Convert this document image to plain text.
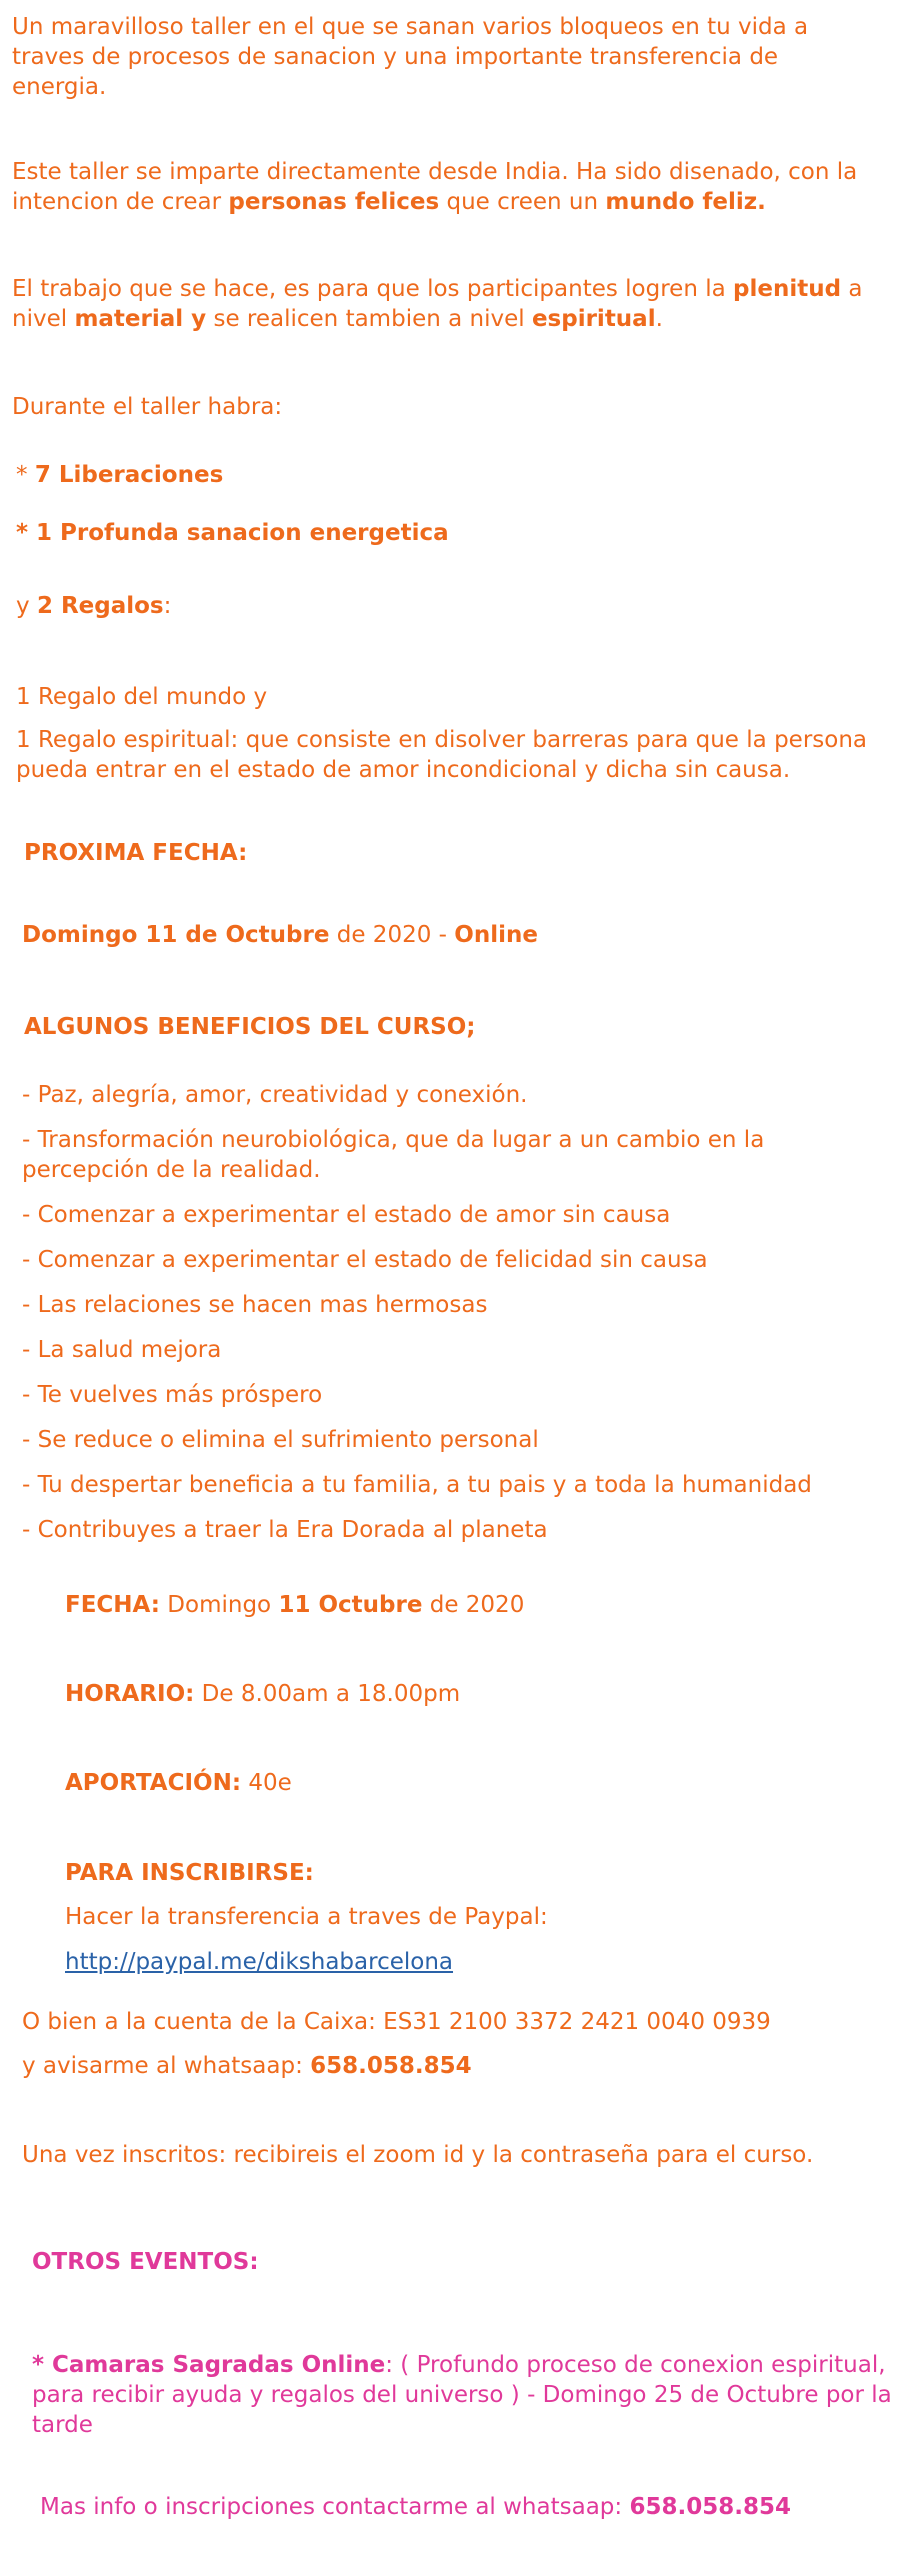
Un maravilloso taller en el que se sanan varios bloqueos en tu vida a traves de procesos de sanacion y una importante transferencia de energia.

Este taller se imparte directamente desde India. Ha sido disenado, con la intencion de crear personas felices que creen un mundo feliz.

El trabajo que se hace, es para que los participantes logren la plenitud a nivel material y se realicen tambien a nivel espiritual.

Durante el taller habra:

* 7 Liberaciones

* 1 Profunda sanacion energetica

y 2 Regalos:

1 Regalo del mundo y

1 Regalo espiritual: que consiste en disolver barreras para que la persona pueda entrar en el estado de amor incondicional y dicha sin causa.

PROXIMA FECHA:

Domingo 11 de Octubre de 2020 - Online

ALGUNOS BENEFICIOS DEL CURSO;

- Paz, alegría, amor, creatividad y conexión.
- Transformación neurobiológica, que da lugar a un cambio en la percepción de la realidad.
- Comenzar a experimentar el estado de amor sin causa
- Comenzar a experimentar el estado de felicidad sin causa
- Las relaciones se hacen mas hermosas
- La salud mejora
- Te vuelves más próspero
- Se reduce o elimina el sufrimiento personal
- Tu despertar beneficia a tu familia, a tu pais y a toda la humanidad
- Contribuyes a traer la Era Dorada al planeta

FECHA: Domingo 11 Octubre de 2020

HORARIO: De 8.00am a 18.00pm

APORTACIÓN: 40e

PARA INSCRIBIRSE:

Hacer la transferencia a traves de Paypal:

http://paypal.me/dikshabarcelona

O bien a la cuenta de la Caixa: ES31 2100 3372 2421 0040 0939

y avisarme al whatsaap: 658.058.854

Una vez inscritos: recibireis el zoom id y la contraseña para el curso.

OTROS EVENTOS:

* Camaras Sagradas Online: ( Profundo proceso de conexion espiritual, para recibir ayuda y regalos del universo ) - Domingo 25 de Octubre por la tarde

Mas info o inscripciones contactarme al whatsaap: 658.058.854
